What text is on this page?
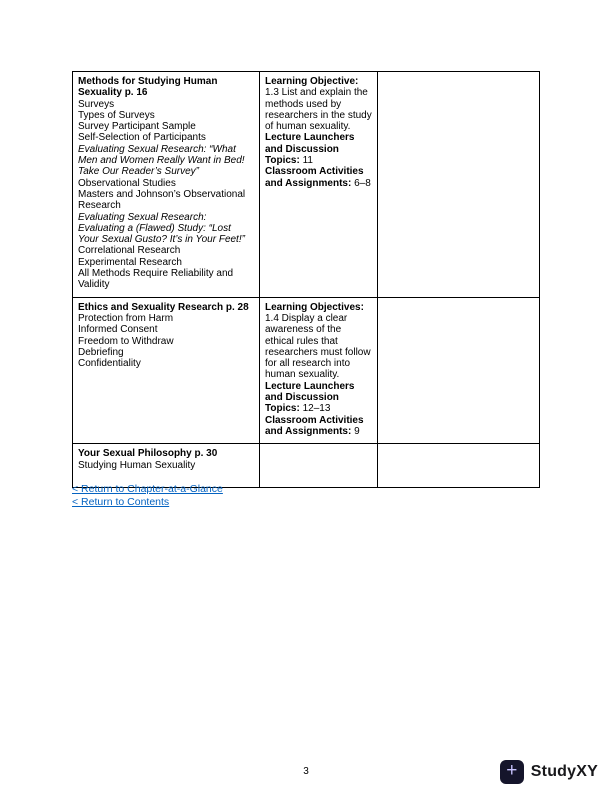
Methods for Studying Human Sexuality p. 16
Surveys
Types of Surveys
Survey Participant Sample
Self-Selection of Participants
Evaluating Sexual Research: “What Men and Women Really Want in Bed! Take Our Reader’s Survey”
Observational Studies
Masters and Johnson’s Observational Research
Evaluating Sexual Research: Evaluating a (Flawed) Study: “Lost Your Sexual Gusto? It’s in Your Feet!”
Correlational Research
Experimental Research
All Methods Require Reliability and Validity
Learning Objective: 1.3 List and explain the methods used by researchers in the study of human sexuality.
Lecture Launchers and Discussion Topics: 11
Classroom Activities and Assignments: 6–8
Ethics and Sexuality Research p. 28
Protection from Harm
Informed Consent
Freedom to Withdraw
Debriefing
Confidentiality
Learning Objectives: 1.4 Display a clear awareness of the ethical rules that researchers must follow for all research into human sexuality.
Lecture Launchers and Discussion Topics: 12–13
Classroom Activities and Assignments: 9
Your Sexual Philosophy p. 30
Studying Human Sexuality
< Return to Chapter-at-a-Glance
< Return to Contents
3	+ StudyXY
